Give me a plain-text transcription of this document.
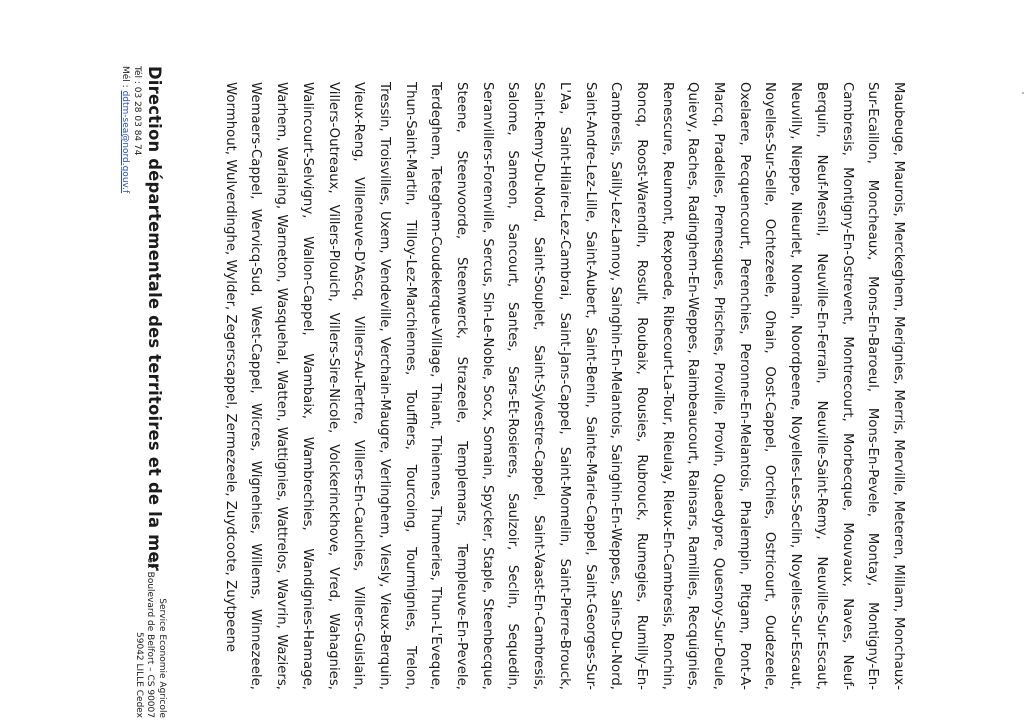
Maubeuge, Maurois, Merckeghem, Merignies, Merris, Merville, Meteren, Millam, Monchaux-Sur-Ecaillon, Moncheaux, Mons-En-Baroeul, Mons-En-Pevele, Montay, Montigny-En-Cambresis, Montigny-En-Ostrevent, Montrecourt, Morbecque, Mouvaux, Naves, Neuf-Berquin, Neuf-Mesnil, Neuville-En-Ferrain, Neuville-Saint-Remy, Neuville-Sur-Escaut, Neuvilly, Nieppe, Nieurlet, Nomain, Noordpeene, Noyelles-Les-Seclin, Noyelles-Sur-Escaut, Noyelles-Sur-Selle, Ochtezeele, Ohain, Oost-Cappel, Orchies, Ostricourt, Oudezeele, Oxelaere, Pecquencourt, Perenchies, Peronne-En-Melantois, Phalempin, Pitgam, Pont-A-Marcq, Pradelles, Premesques, Prisches, Proville, Provin, Quaedypre, Quesnoy-Sur-Deule, Quievy, Raches, Radinghem-En-Weppes, Raimbeaucourt, Rainsars, Ramillies, Recquignies, Renescure, Reumont, Rexpoede, Ribecourt-La-Tour, Rieulay, Rieux-En-Cambresis, Ronchin, Roncq, Roost-Warendin, Rosult, Roubaix, Rousies, Rubrouck, Rumegies, Rumilly-En-Cambresis, Sailly-Lez-Lannoy, Sainghin-En-Melantois, Sainghin-En-Weppes, Sains-Du-Nord, Saint-Andre-Lez-Lille, Saint-Aubert, Saint-Benin, Sainte-Marie-Cappel, Saint-Georges-Sur-L'Aa, Saint-Hilaire-Lez-Cambrai, Saint-Jans-Cappel, Saint-Momelin, Saint-Pierre-Brouck, Saint-Remy-Du-Nord, Saint-Souplet, Saint-Sylvestre-Cappel, Saint-Vaast-En-Cambresis, Salome, Sameon, Sancourt, Santes, Sars-Et-Rosieres, Saulzoir, Seclin, Sequedin, Seranvillers-Forenville, Sercus, Sin-Le-Noble, Socx, Somain, Spycker, Staple, Steenbecque, Steene, Steenvoorde, Steenwerck, Strazeele, Templemars, Templeuve-En-Pevele, Terdeghem, Teteghem-Coudekerque-Village, Thiant, Thiennes, Thumeries, Thun-L'Eveque, Thun-Saint-Martin, Tilloy-Lez-Marchiennes, Toufflers, Tourcoing, Tourmignies, Trelon, Tressin, Troisvilles, Uxem, Vendeville, Verchain-Maugre, Verlinghem, Viesly, Vieux-Berquin, Vieux-Reng, Villeneuve-D'Ascq, Villers-Au-Tertre, Villers-En-Cauchies, Villers-Guislain, Villers-Outreaux, Villers-Plouich, Villers-Sire-Nicole, Volckerinckhove, Vred, Wahagnies, Walincourt-Selvigny, Wallon-Cappel, Wambaix, Wambrechies, Wandignies-Hamage, Warhem, Warlaing, Warneton, Wasquehal, Watten, Wattignies, Wattrelos, Wavrin, Waziers, Wemaers-Cappel, Wervicq-Sud, West-Cappel, Wicres, Wignehies, Willems, Winnezeele, Wormhout, Wulverdinghe, Wylder, Zegerscappel, Zermezeele, Zuydcoote, Zuytpeene
Direction départementale des territoires et de la mer
Tél : 03 28 03 84 74
Mél : ddtm-sea@nord.gouv.f
Service Economie Agricole
62 Boulevard de Belfort – CS 90007
59042 LILLE Cedex
